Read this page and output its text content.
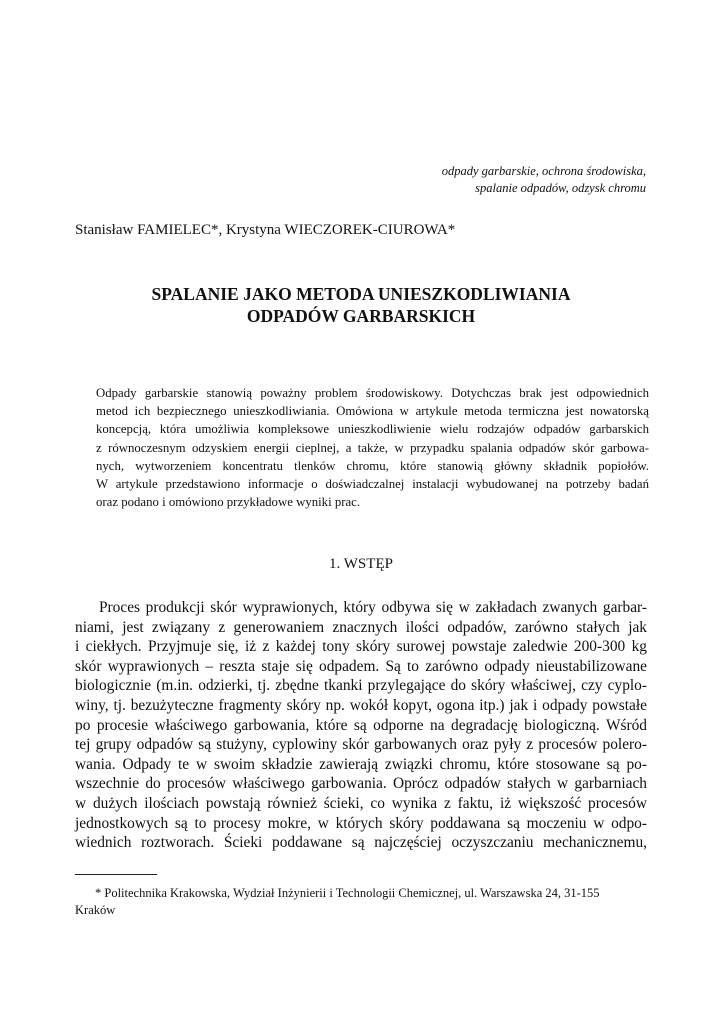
odpady garbarskie, ochrona środowiska,
spalanie odpadów, odzysk chromu
Stanisław FAMIELEC*, Krystyna WIECZOREK-CIUROWA*
SPALANIE JAKO METODA UNIESZKODLIWIANIA
ODPADÓW GARBARSKICH
Odpady garbarskie stanowią poważny problem środowiskowy. Dotychczas brak jest odpowiednich
metod ich bezpiecznego unieszkodliwiania. Omówiona w artykule metoda termiczna jest nowatorską
koncepcją, która umożliwia kompleksowe unieszkodliwienie wielu rodzajów odpadów garbarskich
z równoczesnym odzyskiem energii cieplnej, a także, w przypadku spalania odpadów skór garbowa-
nych, wytworzeniem koncentratu tlenków chromu, które stanowią główny składnik popiołów.
W artykule przedstawiono informacje o doświadczalnej instalacji wybudowanej na potrzeby badań
oraz podano i omówiono przykładowe wyniki prac.
1. WSTĘP
Proces produkcji skór wyprawionych, który odbywa się w zakładach zwanych garbar-
niami, jest związany z generowaniem znacznych ilości odpadów, zarówno stałych jak
i ciekłych. Przyjmuje się, iż z każdej tony skóry surowej powstaje zaledwie 200-300 kg
skór wyprawionych – reszta staje się odpadem. Są to zarówno odpady nieustabilizowane
biologicznie (m.in. odzierki, tj. zbędne tkanki przylegające do skóry właściwej, czy cyplo-
winy, tj. bezużyteczne fragmenty skóry np. wokół kopyt, ogona itp.) jak i odpady powstałe
po procesie właściwego garbowania, które są odporne na degradację biologiczną. Wśród
tej grupy odpadów są stużyny, cyplowiny skór garbowanych oraz pyły z procesów polero-
wania. Odpady te w swoim składzie zawierają związki chromu, które stosowane są po-
wszechnie do procesów właściwego garbowania. Oprócz odpadów stałych w garbarniach
w dużych ilościach powstają również ścieki, co wynika z faktu, iż większość procesów
jednostkowych są to procesy mokre, w których skóry poddawana są moczeniu w odpo-
wiednich roztworach. Ścieki poddawane są najczęściej oczyszczaniu mechanicznemu,
* Politechnika Krakowska, Wydział Inżynierii i Technologii Chemicznej, ul. Warszawska 24, 31-155
Kraków
